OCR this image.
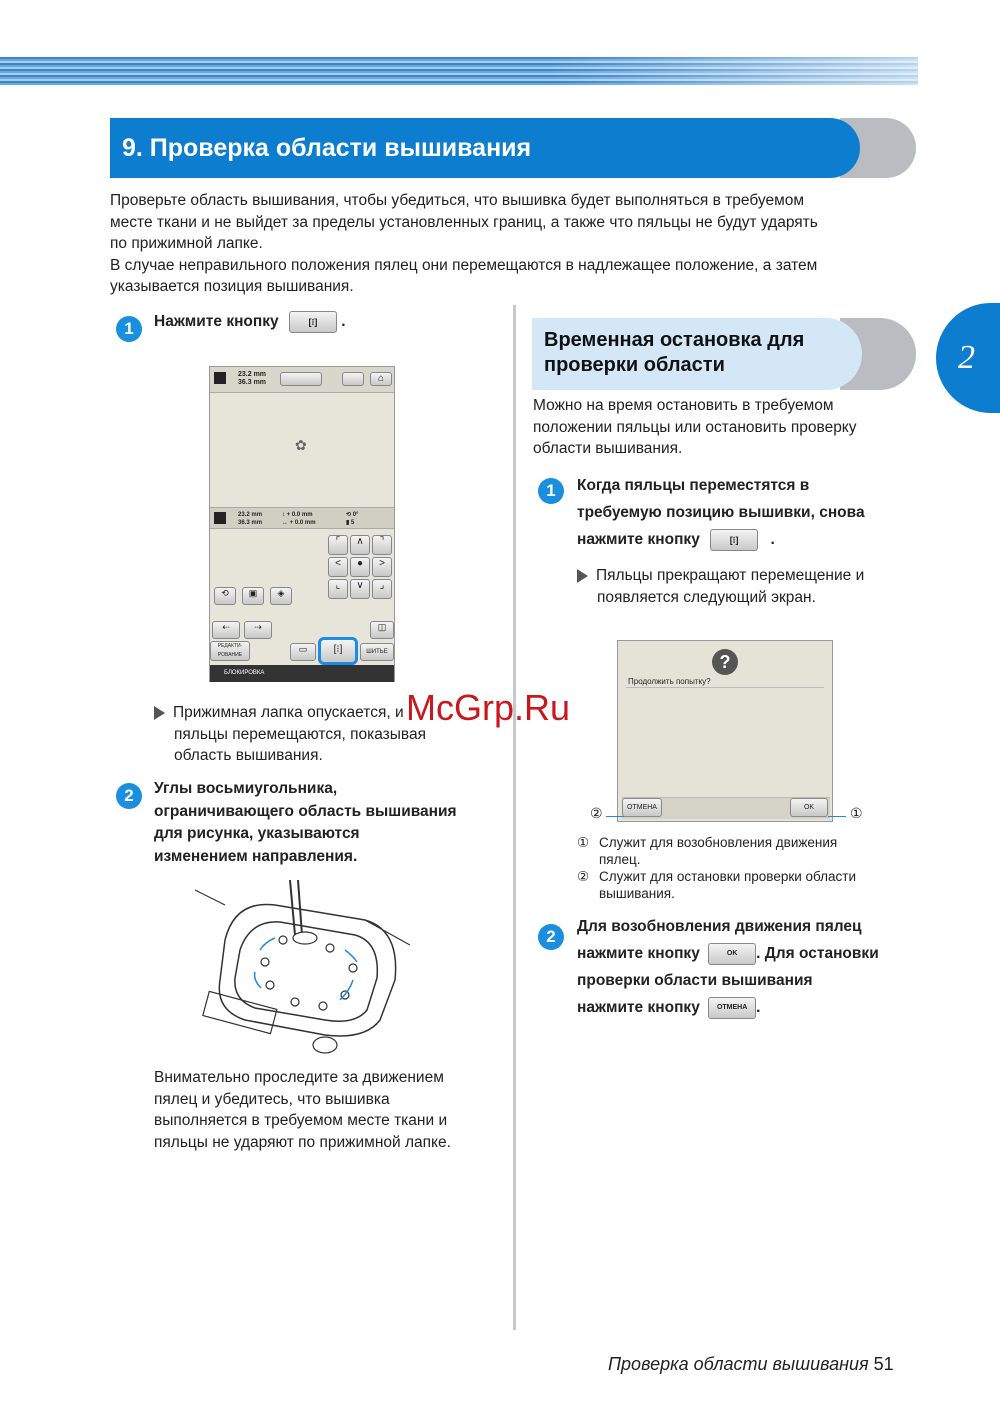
9. Проверка области вышивания
2
Проверьте область вышивания, чтобы убедиться, что вышивка будет выполняться в требуемом
месте ткани и не выйдет за пределы установленных границ, а также что пяльцы не будут ударять
по прижимной лапке.
В случае неправильного положения пялец они перемещаются в надлежащее положение, а затем
указывается позиция вышивания.
1	Нажмите кнопку	[⁝] .
23.2 mm
36.3 mm	⌂
✿
23.2 mm
36.3 mm
↕ + 0.0 mm
↔ + 0.0 mm
⟲ 0°
▮ 5
⌜	∧	⌝
<	●	>
⌞	∨	⌟
⟲	▣	◈
⇠	⇢	◫
РЕДАКТИ- РОВАНИЕ
▭	[⁝]	ШИТЬЕ
БЛОКИРОВКА
Прижимная лапка опускается, и
пяльцы перемещаются, показывая
область вышивания.
2	Углы восьмиугольника,
ограничивающего область вышивания
для рисунка, указываются
изменением направления.
Внимательно проследите за движением
пялец и убедитесь, что вышивка
выполняется в требуемом месте ткани и
пяльцы не ударяют по прижимной лапке.
Временная остановка для
проверки области
Можно на время остановить в требуемом
положении пяльцы или остановить проверку
области вышивания.
1	Когда пяльцы переместятся в
требуемую позицию вышивки, снова
нажмите кнопку	[⁝] .
Пяльцы прекращают перемещение и
появляется следующий экран.
?
Продолжить попытку?
ОТМЕНА	OK
②	①
① Служит для возобновления движения
пялец.
② Служит для остановки проверки области
вышивания.
2
Для возобновления движения пялец
нажмите кнопку	OK . Для остановки
проверки области вышивания
нажмите кнопку ОТМЕНА .
McGrp.Ru
Проверка области вышивания 51
